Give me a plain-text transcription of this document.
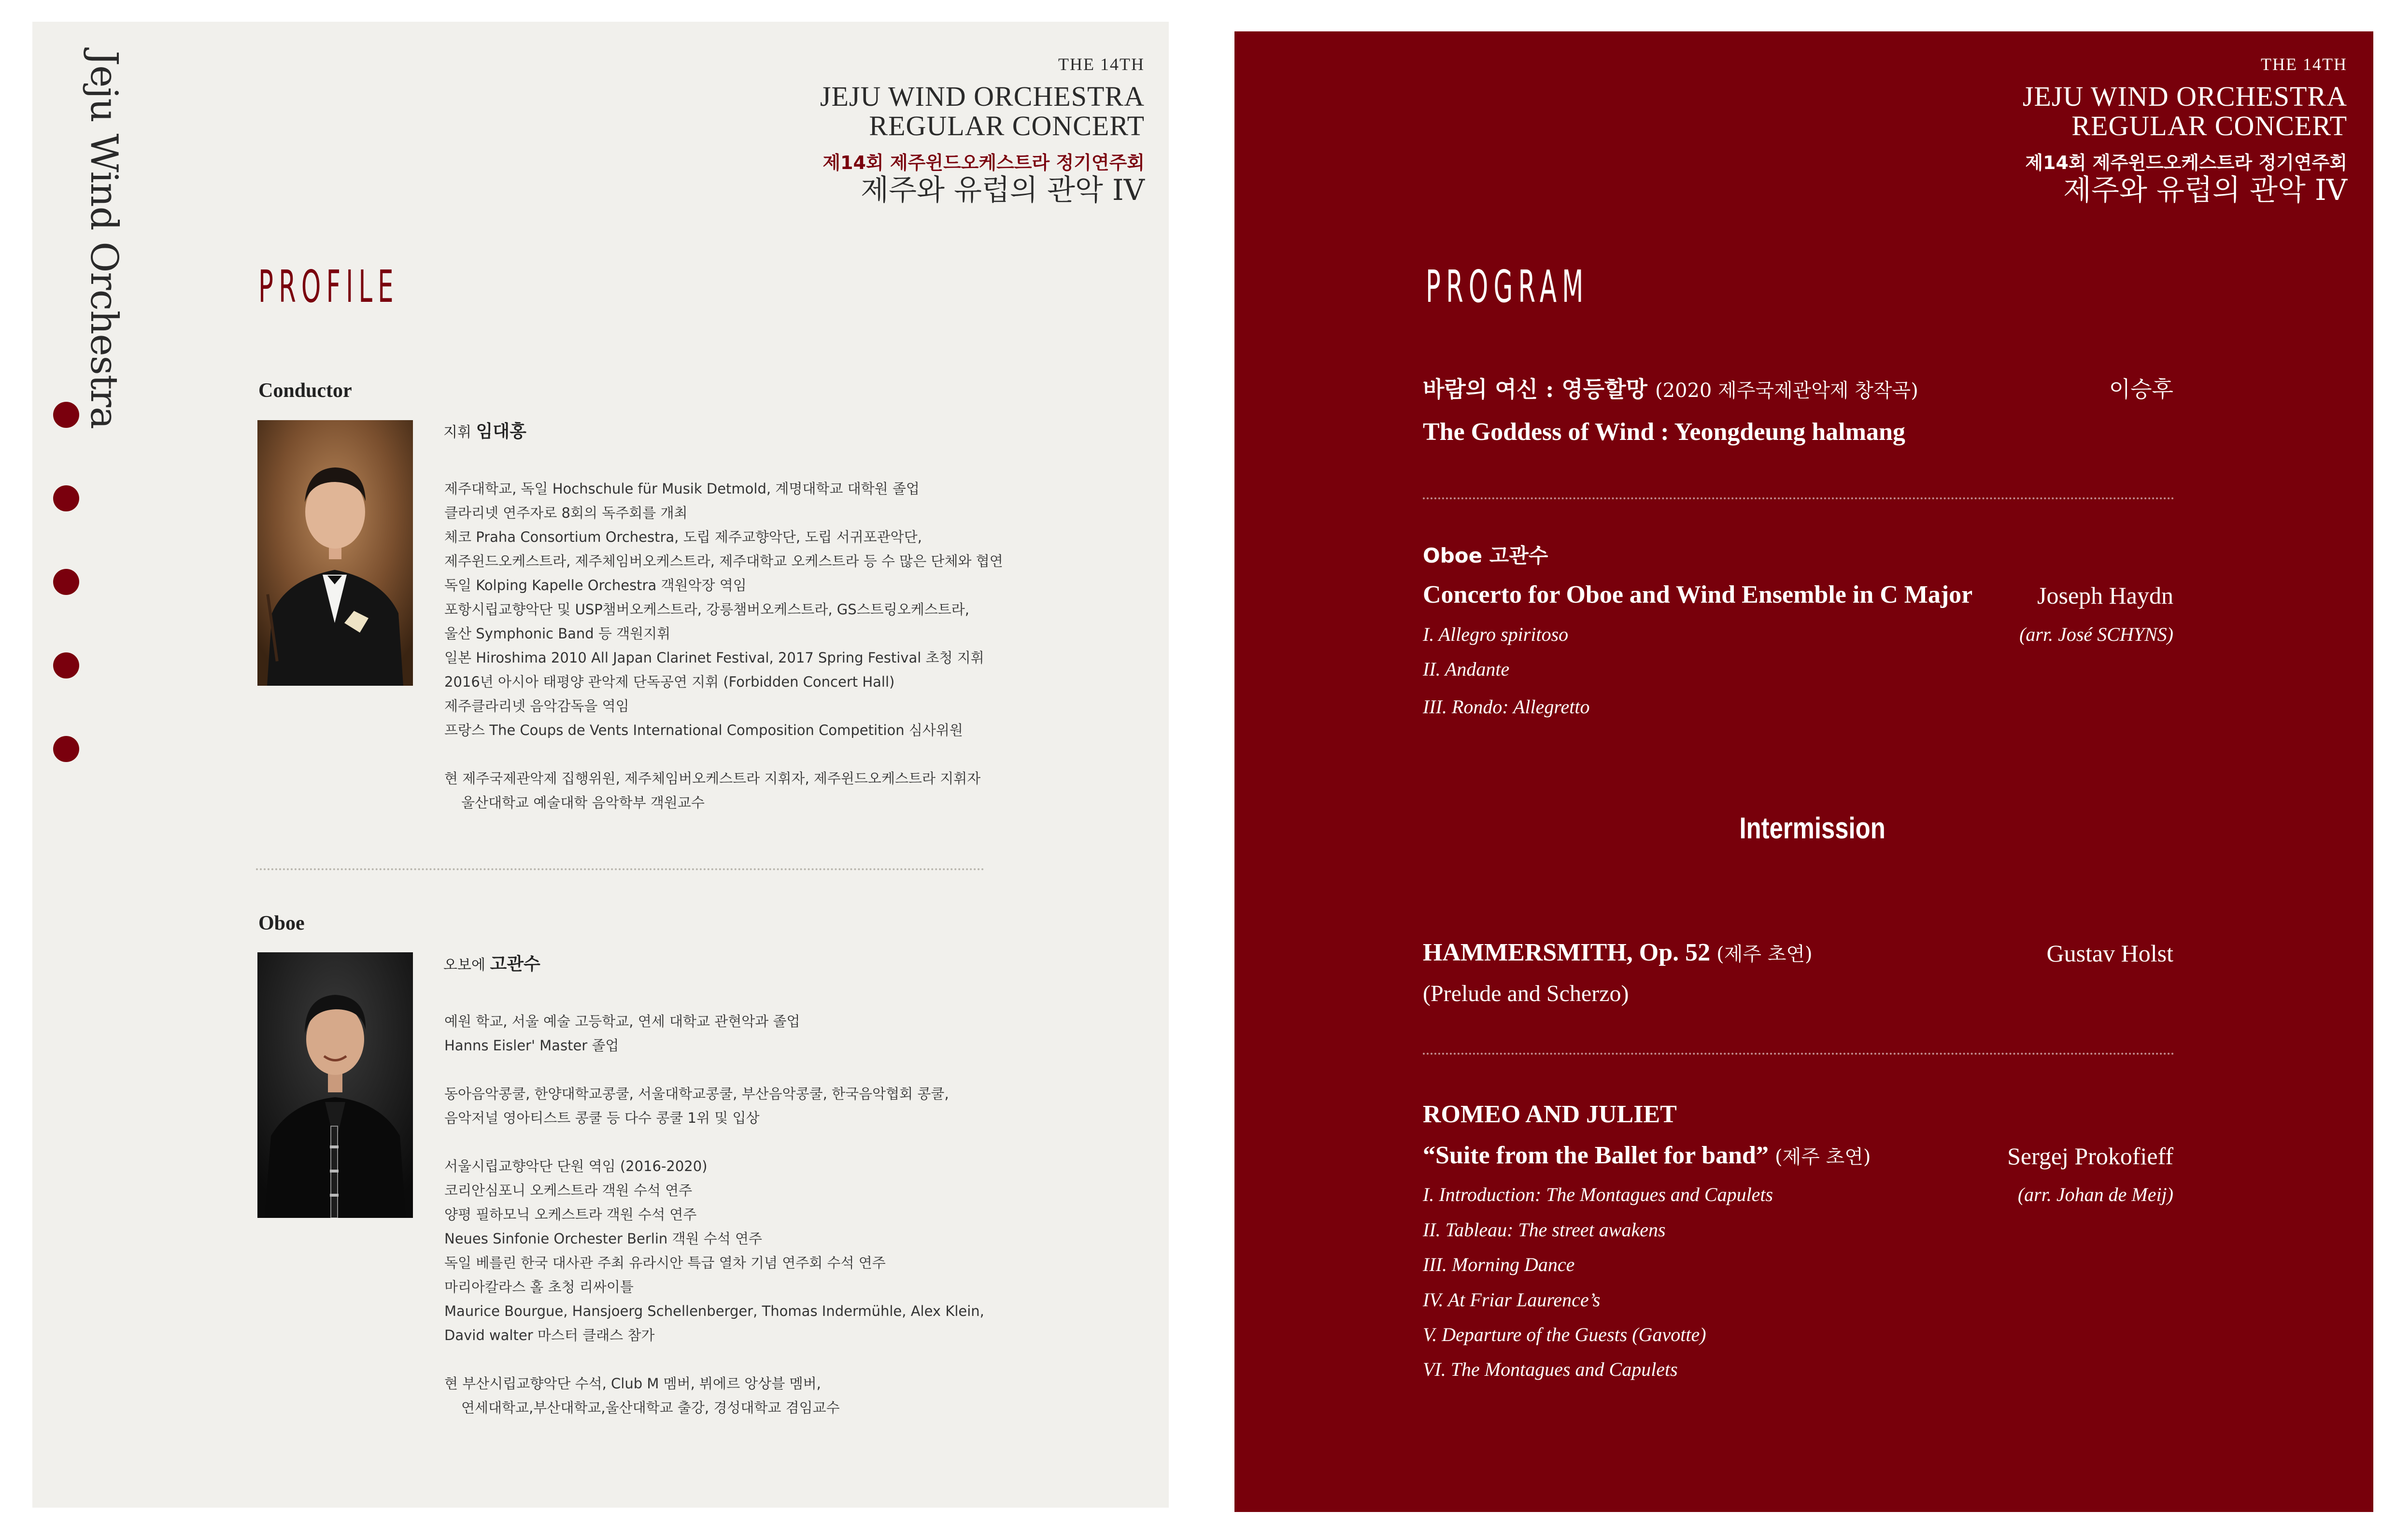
Jeju Wind Orchestra	THE 14TH
JEJU WIND ORCHESTRA
REGULAR CONCERT
제14회 제주윈드오케스트라 정기연주회
제주와 유럽의 관악 IV
PROFILE
Conductor
지휘 임대홍
제주대학교, 독일 Hochschule für Musik Detmold, 계명대학교 대학원 졸업
클라리넷 연주자로 8회의 독주회를 개최
체코 Praha Consortium Orchestra, 도립 제주교향악단, 도립 서귀포관악단,
제주윈드오케스트라, 제주체임버오케스트라, 제주대학교 오케스트라 등 수 많은 단체와 협연
독일 Kolping Kapelle Orchestra 객원악장 역임
포항시립교향악단 및 USP챔버오케스트라, 강릉챔버오케스트라, GS스트링오케스트라,
울산 Symphonic Band 등 객원지휘
일본 Hiroshima 2010 All Japan Clarinet Festival, 2017 Spring Festival 초청 지휘
2016년 아시아 태평양 관악제 단독공연 지휘 (Forbidden Concert Hall)
제주클라리넷 음악감독을 역임
프랑스 The Coups de Vents International Composition Competition 심사위원
현 제주국제관악제 집행위원, 제주체임버오케스트라 지휘자, 제주윈드오케스트라 지휘자
울산대학교 예술대학 음악학부 객원교수
Oboe
오보에 고관수
예원 학교, 서울 예술 고등학교, 연세 대학교 관현악과 졸업
Hanns Eisler' Master 졸업
동아음악콩쿨, 한양대학교콩쿨, 서울대학교콩쿨, 부산음악콩쿨, 한국음악협회 콩쿨,
음악저널 영아티스트 콩쿨 등 다수 콩쿨 1위 및 입상
서울시립교향악단 단원 역임 (2016-2020)
코리안심포니 오케스트라 객원 수석 연주
양평 필하모닉 오케스트라 객원 수석 연주
Neues Sinfonie Orchester Berlin 객원 수석 연주
독일 베를린 한국 대사관 주최 유라시안 특급 열차 기념 연주회 수석 연주
마리아칼라스 홀 초청 리싸이틀
Maurice Bourgue, Hansjoerg Schellenberger, Thomas Indermühle, Alex Klein,
David walter 마스터 클래스 참가
현 부산시립교향악단 수석, Club M 멤버, 뷔에르 앙상블 멤버,
연세대학교,부산대학교,울산대학교 출강, 경성대학교 겸임교수
THE 14TH
JEJU WIND ORCHESTRA
REGULAR CONCERT
제14회 제주윈드오케스트라 정기연주회
제주와 유럽의 관악 IV
PROGRAM
바람의 여신 : 영등할망 (2020 제주국제관악제 창작곡)	이승후
The Goddess of Wind : Yeongdeung halmang
Oboe 고관수
Concerto for Oboe and Wind Ensemble in C Major	Joseph Haydn
(arr. José SCHYNS)
I. Allegro spiritoso
II. Andante
III. Rondo: Allegretto
Intermission
HAMMERSMITH, Op. 52 (제주 초연)	Gustav Holst
(Prelude and Scherzo)
ROMEO AND JULIET
“Suite from the Ballet for band” (제주 초연)	Sergej Prokofieff
(arr. Johan de Meij)
I. Introduction: The Montagues and Capulets
II. Tableau: The street awakens
III. Morning Dance
IV. At Friar Laurence’s
V. Departure of the Guests (Gavotte)
VI. The Montagues and Capulets
